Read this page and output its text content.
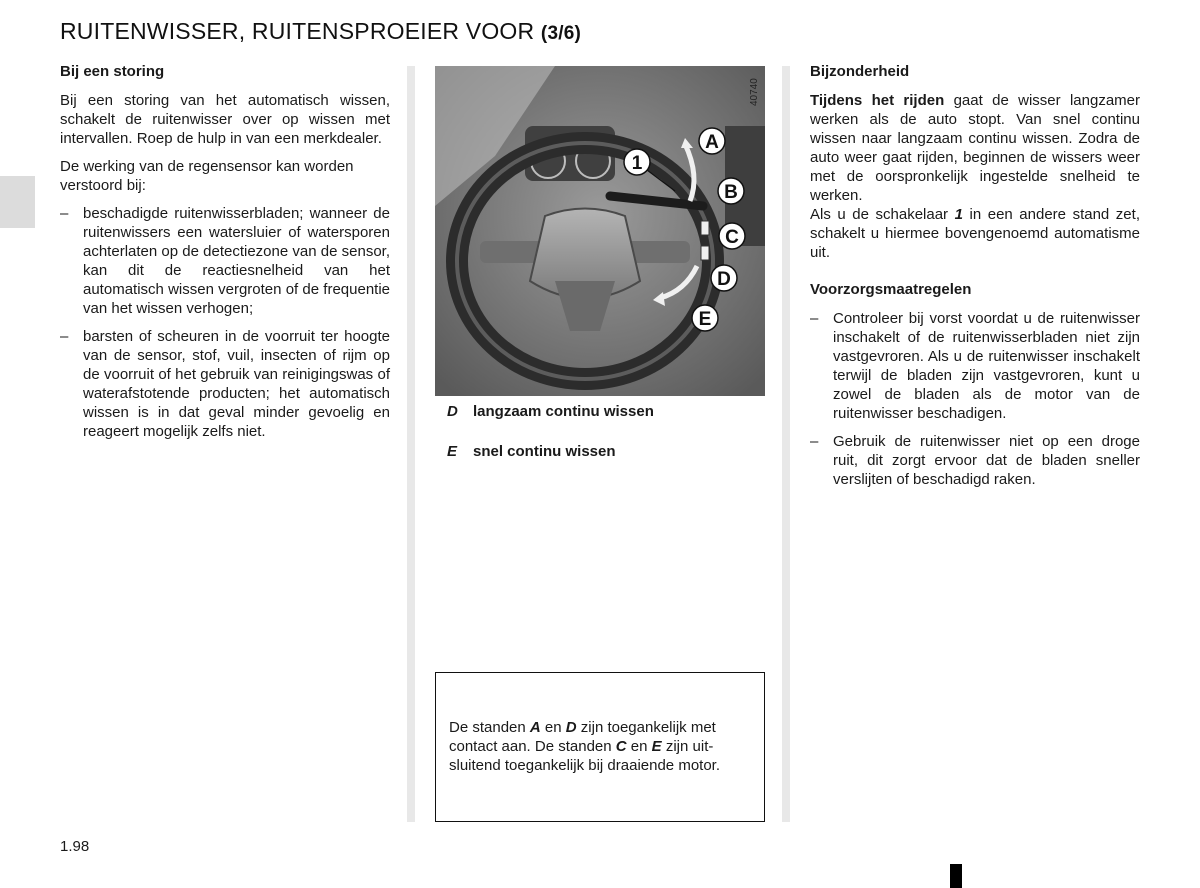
RUITENWISSER, RUITENSPROEIER VOOR (3/6)
Bij een storing

Bij een storing van het automatisch wissen, schakelt de ruitenwisser over op wissen met intervallen. Roep de hulp in van een merkdealer.

De werking van de regensensor kan worden verstoord bij:

– beschadigde ruitenwisserbladen; wanneer de ruitenwissers een watersluier of watersporen achterlaten op de detectiezone van de sensor, kan dit de reactiesnelheid van het automatisch wissen vergroten of de frequentie van het wissen verhogen;
– barsten of scheuren in de voorruit ter hoogte van de sensor, stof, vuil, insecten of rijm op de voorruit of het gebruik van reinigingswas of waterafstotende producten; het automatisch wissen is in dat geval minder gevoelig en reageert mogelijk zelfs niet.
40740
1
A
B
C
D
E
D langzaam continu wissen
E snel continu wissen
De standen A en D zijn toegankelijk met contact aan. De standen C en E zijn uitsluitend toegankelijk bij draaiende motor.
Bijzonderheid

Tijdens het rijden gaat de wisser langzamer werken als de auto stopt. Van snel continu wissen naar langzaam continu wissen. Zodra de auto weer gaat rijden, beginnen de wissers weer met de oorspronkelijk ingestelde snelheid te werken.

Als u de schakelaar 1 in een andere stand zet, schakelt u hiermee bovengenoemd automatisme uit.

Voorzorgsmaatregelen
– Controleer bij vorst voordat u de ruitenwisser inschakelt of de ruitenwisserbladen niet zijn vastgevroren. Als u de ruitenwisser inschakelt terwijl de bladen zijn vastgevroren, kunt u zowel de bladen als de motor van de ruitenwisser beschadigen.
– Gebruik de ruitenwisser niet op een droge ruit, dit zorgt ervoor dat de bladen sneller verslijten of beschadigd raken.
1.98
